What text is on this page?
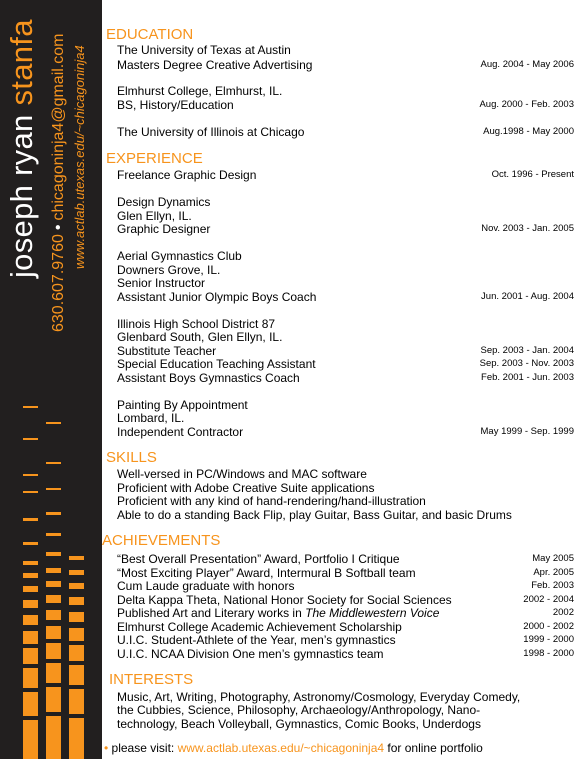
joseph ryan stanfa
630.607.9760•chicagoninja4@gmail.com www.actlab.utexas.edu/~chicagoninja4
EDUCATION
The University of Texas at Austin
Masters Degree Creative Advertising	Aug. 2004 - May 2006
Elmhurst College, Elmhurst, IL.
BS, History/Education	Aug. 2000 - Feb. 2003
The University of Illinois at Chicago	Aug.1998 - May 2000
EXPERIENCE
Freelance Graphic Design	Oct. 1996 - Present
Design Dynamics
Glen Ellyn, IL.
Graphic Designer	Nov. 2003 - Jan. 2005
Aerial Gymnastics Club
Downers Grove, IL.
Senior Instructor
Assistant Junior Olympic Boys Coach	Jun. 2001 - Aug. 2004
Illinois High School District 87
Glenbard South, Glen Ellyn, IL.
Substitute Teacher	Sep. 2003 - Jan. 2004
Special Education Teaching Assistant	Sep. 2003 - Nov. 2003
Assistant Boys Gymnastics Coach	Feb. 2001 - Jun. 2003
Painting By Appointment
Lombard, IL.
Independent Contractor	May 1999 - Sep. 1999
SKILLS
Well-versed in PC/Windows and MAC software
Proficient with Adobe Creative Suite applications
Proficient with any kind of hand-rendering/hand-illustration
Able to do a standing Back Flip, play Guitar, Bass Guitar, and basic Drums
ACHIEVEMENTS
“Best Overall Presentation” Award, Portfolio I Critique	May 2005
“Most Exciting Player” Award, Intermural B Softball team	Apr. 2005
Cum Laude graduate with honors	Feb. 2003
Delta Kappa Theta, National Honor Society for Social Sciences	2002 - 2004
Published Art and Literary works in The Middlewestern Voice	2002
Elmhurst College Academic Achievement Scholarship	2000 - 2002
U.I.C. Student-Athlete of the Year, men’s gymnastics	1999 - 2000
U.I.C. NCAA Division One men’s gymnastics team	1998 - 2000
INTERESTS
Music, Art, Writing, Photography, Astronomy/Cosmology, Everyday Comedy,
the Cubbies, Science, Philosophy, Archaeology/Anthropology, Nano-
technology, Beach Volleyball, Gymnastics, Comic Books, Underdogs
• please visit: www.actlab.utexas.edu/~chicagoninja4 for online portfolio
